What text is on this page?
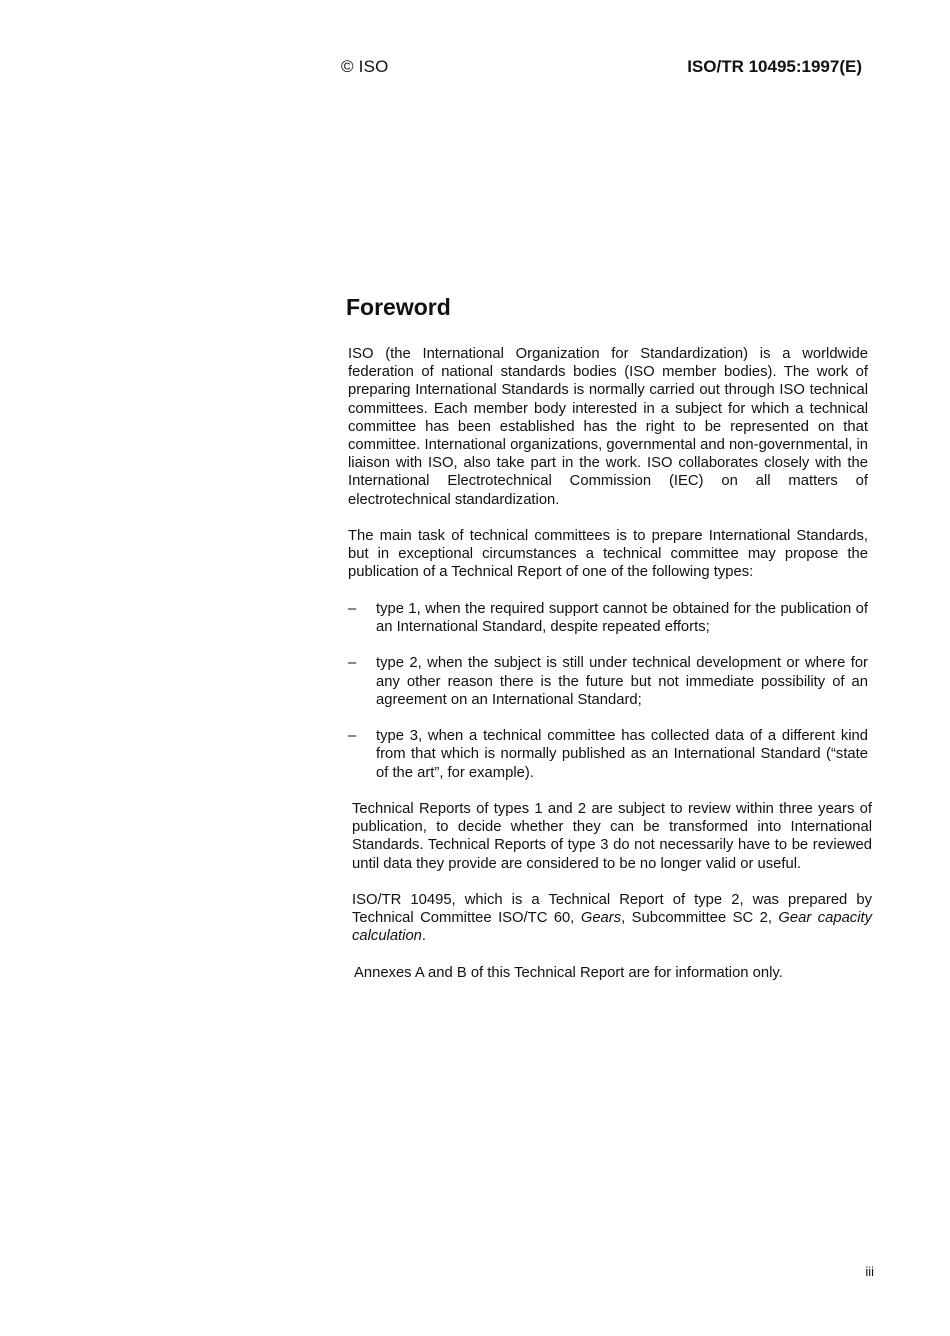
© ISO	ISO/TR 10495:1997(E)
Foreword

ISO (the International Organization for Standardization) is a worldwide federation of national standards bodies (ISO member bodies). The work of preparing International Standards is normally carried out through ISO technical committees. Each member body interested in a subject for which a technical committee has been established has the right to be represented on that committee. International organizations, governmental and non-governmental, in liaison with ISO, also take part in the work. ISO collaborates closely with the International Electrotechnical Commission (IEC) on all matters of electrotechnical standardization.

The main task of technical committees is to prepare International Standards, but in exceptional circumstances a technical committee may propose the publication of a Technical Report of one of the following types:

– type 1, when the required support cannot be obtained for the publication of an International Standard, despite repeated efforts;
– type 2, when the subject is still under technical development or where for any other reason there is the future but not immediate possibility of an agreement on an International Standard;
– type 3, when a technical committee has collected data of a different kind from that which is normally published as an International Standard (“state of the art”, for example).

Technical Reports of types 1 and 2 are subject to review within three years of publication, to decide whether they can be transformed into International Standards. Technical Reports of type 3 do not necessarily have to be reviewed until data they provide are considered to be no longer valid or useful.

ISO/TR 10495, which is a Technical Report of type 2, was prepared by Technical Committee ISO/TC 60, Gears, Subcommittee SC 2, Gear capacity calculation.

Annexes A and B of this Technical Report are for information only.

iii
